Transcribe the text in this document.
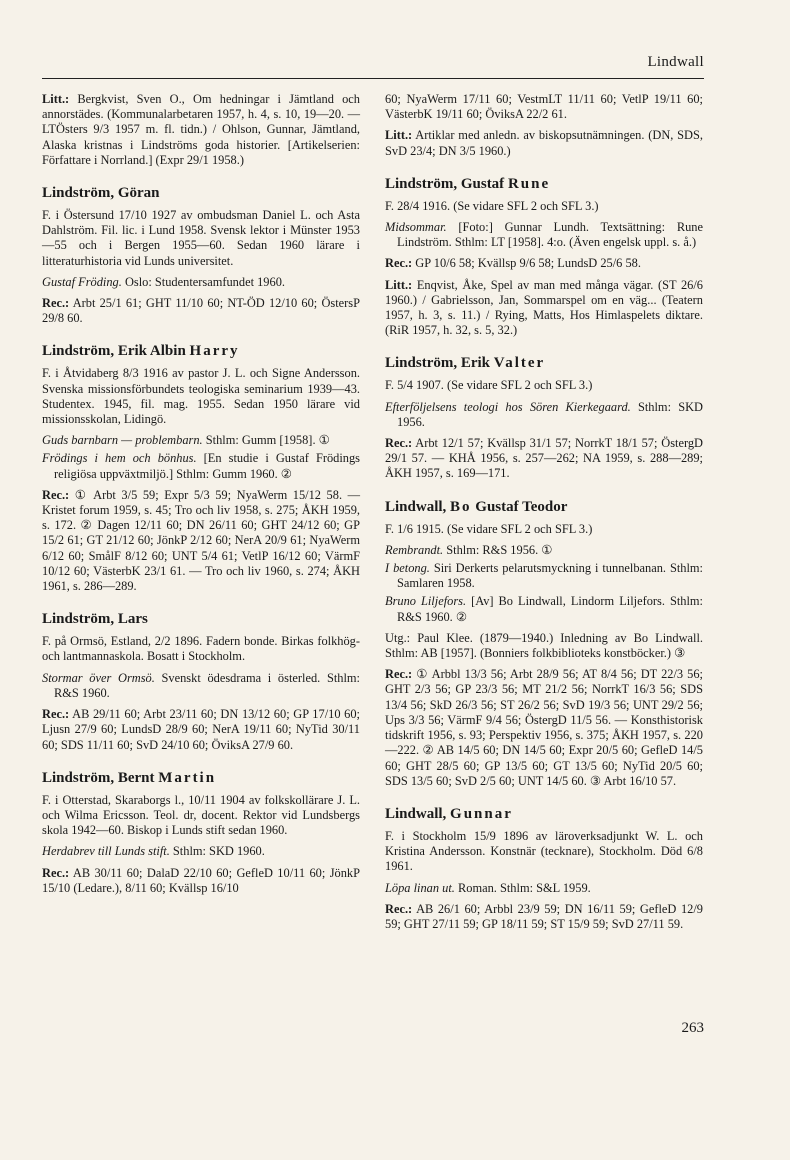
Lindwall

Litt.: Bergkvist, Sven O., Om hedningar i Jämtland och annorstädes. (Kommunalarbetaren 1957, h. 4, s. 10, 19—20. — LTÖsters 9/3 1957 m. fl. tidn.) / Ohlson, Gunnar, Jämtland, Alaska kristnas i Lindströms goda historier. [Artikelserien: Författare i Norrland.] (Expr 29/1 1958.)

Lindström, Göran

F. i Östersund 17/10 1927 av ombudsman Daniel L. och Asta Dahlström. Fil. lic. i Lund 1958. Svensk lektor i Münster 1953—55 och i Bergen 1955—60. Sedan 1960 lärare i litteraturhistoria vid Lunds universitet.

Gustaf Fröding. Oslo: Studentersamfundet 1960.

Rec.: Arbt 25/1 61; GHT 11/10 60; NT-ÖD 12/10 60; ÖstersP 29/8 60.

Lindström, Erik Albin Harry

F. i Åtvidaberg 8/3 1916 av pastor J. L. och Signe Andersson. Svenska missionsförbundets teologiska seminarium 1939—43. Studentex. 1945, fil. mag. 1955. Sedan 1950 lärare vid missionsskolan, Lidingö.

Guds barnbarn — problembarn. Sthlm: Gumm [1958]. ①

Frödings i hem och bönhus. [En studie i Gustaf Frödings religiösa uppväxtmiljö.] Sthlm: Gumm 1960. ②

Rec.: ① Arbt 3/5 59; Expr 5/3 59; NyaWerm 15/12 58. — Kristet forum 1959, s. 45; Tro och liv 1958, s. 275; ÅKH 1959, s. 172. ② Dagen 12/11 60; DN 26/11 60; GHT 24/12 60; GP 15/2 61; GT 21/12 60; JönkP 2/12 60; NerA 20/9 61; NyaWerm 6/12 60; SmålF 8/12 60; UNT 5/4 61; VetlP 16/12 60; VärmF 10/12 60; VästerbK 23/1 61. — Tro och liv 1960, s. 274; ÅKH 1961, s. 286—289.

Lindström, Lars

F. på Ormsö, Estland, 2/2 1896. Fadern bonde. Birkas folkhög- och lantmannaskola. Bosatt i Stockholm.

Stormar över Ormsö. Svenskt ödesdrama i österled. Sthlm: R&S 1960.

Rec.: AB 29/11 60; Arbt 23/11 60; DN 13/12 60; GP 17/10 60; Ljusn 27/9 60; LundsD 28/9 60; NerA 19/11 60; NyTid 30/11 60; SDS 11/11 60; SvD 24/10 60; ÖviksA 27/9 60.

Lindström, Bernt Martin

F. i Otterstad, Skaraborgs l., 10/11 1904 av folkskollärare J. L. och Wilma Ericsson. Teol. dr, docent. Rektor vid Lundsbergs skola 1942—60. Biskop i Lunds stift sedan 1960.

Herdabrev till Lunds stift. Sthlm: SKD 1960.

Rec.: AB 30/11 60; DalaD 22/10 60; GefleD 10/11 60; JönkP 15/10 (Ledare.), 8/11 60; Kvällsp 16/10

60; NyaWerm 17/11 60; VestmLT 11/11 60; VetlP 19/11 60; VästerbK 19/11 60; ÖviksA 22/2 61.

Litt.: Artiklar med anledn. av biskopsutnämningen. (DN, SDS, SvD 23/4; DN 3/5 1960.)

Lindström, Gustaf Rune

F. 28/4 1916. (Se vidare SFL 2 och SFL 3.)

Midsommar. [Foto:] Gunnar Lundh. Textsättning: Rune Lindström. Sthlm: LT [1958]. 4:o. (Även engelsk uppl. s. å.)

Rec.: GP 10/6 58; Kvällsp 9/6 58; LundsD 25/6 58.

Litt.: Enqvist, Åke, Spel av man med många vägar. (ST 26/6 1960.) / Gabrielsson, Jan, Sommarspel om en väg... (Teatern 1957, h. 3, s. 11.) / Rying, Matts, Hos Himlaspelets diktare. (RiR 1957, h. 32, s. 5, 32.)

Lindström, Erik Valter

F. 5/4 1907. (Se vidare SFL 2 och SFL 3.)

Efterföljelsens teologi hos Sören Kierkegaard. Sthlm: SKD 1956.

Rec.: Arbt 12/1 57; Kvällsp 31/1 57; NorrkT 18/1 57; ÖstergD 29/1 57. — KHÅ 1956, s. 257—262; NA 1959, s. 288—289; ÅKH 1957, s. 169—171.

Lindwall, Bo Gustaf Teodor

F. 1/6 1915. (Se vidare SFL 2 och SFL 3.)

Rembrandt. Sthlm: R&S 1956. ①

I betong. Siri Derkerts pelarutsmyckning i tunnelbanan. Sthlm: Samlaren 1958.

Bruno Liljefors. [Av] Bo Lindwall, Lindorm Liljefors. Sthlm: R&S 1960. ②

Utg.: Paul Klee. (1879—1940.) Inledning av Bo Lindwall. Sthlm: AB [1957]. (Bonniers folkbiblioteks konstböcker.) ③

Rec.: ① Arbbl 13/3 56; Arbt 28/9 56; AT 8/4 56; DT 22/3 56; GHT 2/3 56; GP 23/3 56; MT 21/2 56; NorrkT 16/3 56; SDS 13/4 56; SkD 26/3 56; ST 26/2 56; SvD 19/3 56; UNT 29/2 56; Ups 3/3 56; VärmF 9/4 56; ÖstergD 11/5 56. — Konsthistorisk tidskrift 1956, s. 93; Perspektiv 1956, s. 375; ÅKH 1957, s. 220—222. ② AB 14/5 60; DN 14/5 60; Expr 20/5 60; GefleD 14/5 60; GHT 28/5 60; GP 13/5 60; GT 13/5 60; NyTid 20/5 60; SDS 13/5 60; SvD 2/5 60; UNT 14/5 60. ③ Arbt 16/10 57.

Lindwall, Gunnar

F. i Stockholm 15/9 1896 av läroverksadjunkt W. L. och Kristina Andersson. Konstnär (tecknare), Stockholm. Död 6/8 1961.

Löpa linan ut. Roman. Sthlm: S&L 1959.

Rec.: AB 26/1 60; Arbbl 23/9 59; DN 16/11 59; GefleD 12/9 59; GHT 27/11 59; GP 18/11 59; ST 15/9 59; SvD 27/11 59.

263
